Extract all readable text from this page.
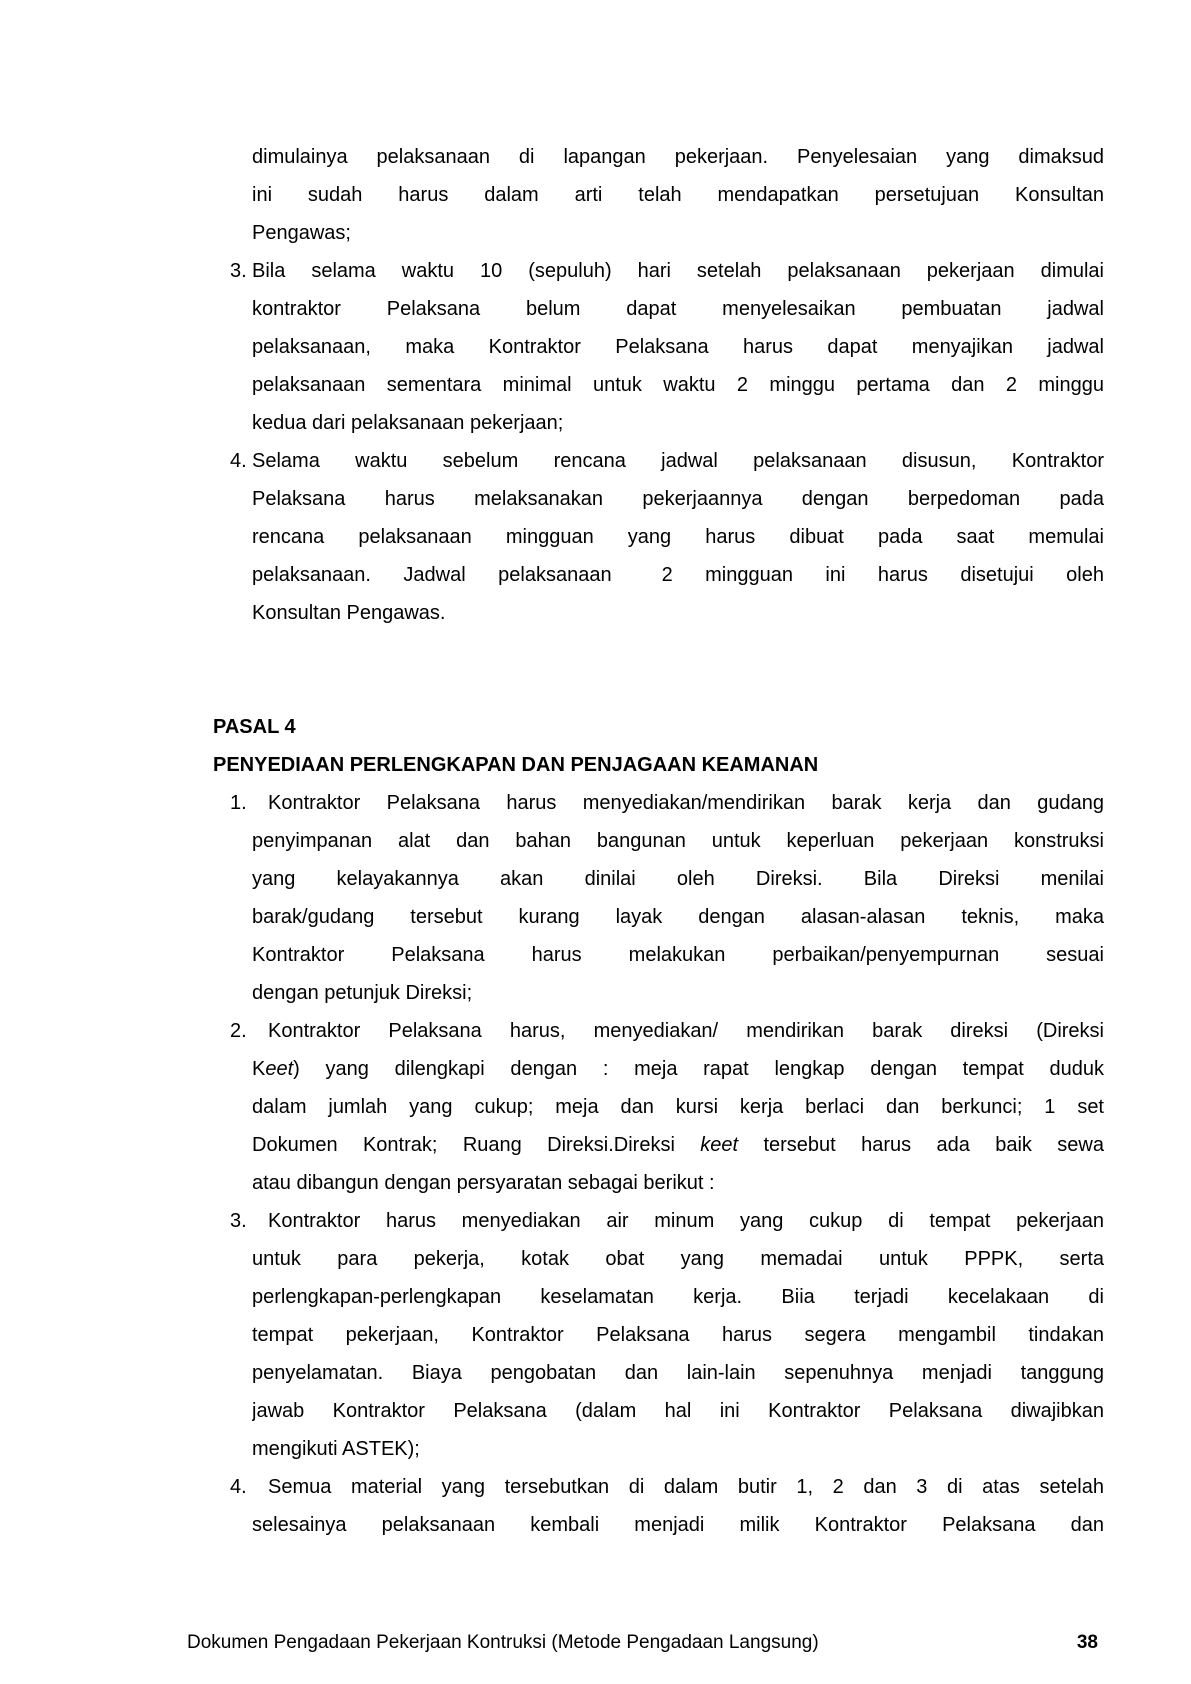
dimulainya pelaksanaan di lapangan pekerjaan. Penyelesaian yang dimaksud
ini sudah harus dalam arti telah mendapatkan persetujuan Konsultan
Pengawas;
3. Bila selama waktu 10 (sepuluh) hari setelah pelaksanaan pekerjaan dimulai
kontraktor Pelaksana belum dapat menyelesaikan pembuatan jadwal
pelaksanaan, maka Kontraktor Pelaksana harus dapat menyajikan jadwal
pelaksanaan sementara minimal untuk waktu 2 minggu pertama dan 2 minggu
kedua dari pelaksanaan pekerjaan;
4. Selama waktu sebelum rencana jadwal pelaksanaan disusun, Kontraktor
Pelaksana harus melaksanakan pekerjaannya dengan berpedoman pada
rencana pelaksanaan mingguan yang harus dibuat pada saat memulai
pelaksanaan. Jadwal pelaksanaan	2 mingguan ini harus disetujui oleh
Konsultan Pengawas.
PASAL 4
PENYEDIAAN PERLENGKAPAN DAN PENJAGAAN KEAMANAN
1.	Kontraktor Pelaksana harus menyediakan/mendirikan barak kerja dan gudang
penyimpanan alat dan bahan bangunan untuk keperluan pekerjaan konstruksi
yang kelayakannya akan dinilai oleh Direksi. Bila Direksi menilai
barak/gudang tersebut kurang layak dengan alasan-alasan teknis, maka
Kontraktor Pelaksana harus melakukan perbaikan/penyempurnan sesuai
dengan petunjuk Direksi;
2.	Kontraktor Pelaksana harus, menyediakan/ mendirikan barak direksi (Direksi
Keet) yang dilengkapi dengan : meja rapat lengkap dengan tempat duduk
dalam jumlah yang cukup; meja dan kursi kerja berlaci dan berkunci; 1 set
Dokumen Kontrak; Ruang Direksi.Direksi keet tersebut harus ada baik sewa
atau dibangun dengan persyaratan sebagai berikut :
3.	Kontraktor harus menyediakan air minum yang cukup di tempat pekerjaan
untuk para pekerja, kotak obat yang memadai untuk PPPK, serta
perlengkapan-perlengkapan keselamatan kerja. Biia terjadi kecelakaan di
tempat pekerjaan, Kontraktor Pelaksana harus segera mengambil tindakan
penyelamatan. Biaya pengobatan dan lain-lain sepenuhnya menjadi tanggung
jawab Kontraktor Pelaksana (dalam hal ini Kontraktor Pelaksana diwajibkan
mengikuti ASTEK);
4.	Semua material yang tersebutkan di dalam butir 1, 2 dan 3 di atas setelah
selesainya pelaksanaan kembali menjadi milik Kontraktor Pelaksana dan
Dokumen Pengadaan Pekerjaan Kontruksi (Metode Pengadaan Langsung)	38
